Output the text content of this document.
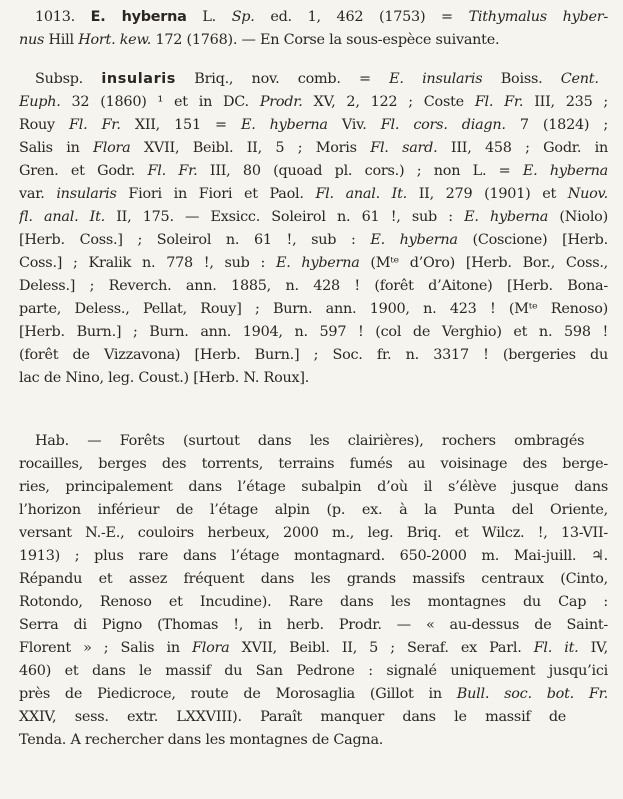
1013. E. hyberna L. Sp. ed. 1, 462 (1753) = Tithymalus hyber-
nus Hill Hort. kew. 172 (1768). — En Corse la sous-espèce suivante.
Subsp. insularis Briq., nov. comb. = E. insularis Boiss. Cent.
Euph. 32 (1860) ¹ et in DC. Prodr. XV, 2, 122 ; Coste Fl. Fr. III, 235 ;
Rouy Fl. Fr. XII, 151 = E. hyberna Viv. Fl. cors. diagn. 7 (1824) ;
Salis in Flora XVII, Beibl. II, 5 ; Moris Fl. sard. III, 458 ; Godr. in
Gren. et Godr. Fl. Fr. III, 80 (quoad pl. cors.) ; non L. = E. hyberna
var. insularis Fiori in Fiori et Paol. Fl. anal. It. II, 279 (1901) et Nuov.
fl. anal. It. II, 175. — Exsicc. Soleirol n. 61 !, sub : E. hyberna (Niolo)
[Herb. Coss.] ; Soleirol n. 61 !, sub : E. hyberna (Coscione) [Herb.
Coss.] ; Kralik n. 778 !, sub : E. hyberna (Mᵗᵉ d’Oro) [Herb. Bor., Coss.,
Deless.] ; Reverch. ann. 1885, n. 428 ! (forêt d’Aitone) [Herb. Bona-
parte, Deless., Pellat, Rouy] ; Burn. ann. 1900, n. 423 ! (Mᵗᵉ Renoso)
[Herb. Burn.] ; Burn. ann. 1904, n. 597 ! (col de Verghio) et n. 598 !
(forêt de Vizzavona) [Herb. Burn.] ; Soc. fr. n. 3317 ! (bergeries du
lac de Nino, leg. Coust.) [Herb. N. Roux].
Hab. — Forêts (surtout dans les clairières), rochers ombragés
rocailles, berges des torrents, terrains fumés au voisinage des berge-
ries, principalement dans l’étage subalpin d’où il s’élève jusque dans
l’horizon inférieur de l’étage alpin (p. ex. à la Punta del Oriente,
versant N.-E., couloirs herbeux, 2000 m., leg. Briq. et Wilcz. !, 13-VII-
1913) ; plus rare dans l’étage montagnard. 650-2000 m. Mai-juill. ♃.
Répandu et assez fréquent dans les grands massifs centraux (Cinto,
Rotondo, Renoso et Incudine). Rare dans les montagnes du Cap :
Serra di Pigno (Thomas !, in herb. Prodr. — « au-dessus de Saint-
Florent » ; Salis in Flora XVII, Beibl. II, 5 ; Seraf. ex Parl. Fl. it. IV,
460) et dans le massif du San Pedrone : signalé uniquement jusqu’ici
près de Piedicroce, route de Morosaglia (Gillot in Bull. soc. bot. Fr.
XXIV, sess. extr. LXXVIII). Paraît manquer dans le massif de
Tenda. A rechercher dans les montagnes de Cagna.
